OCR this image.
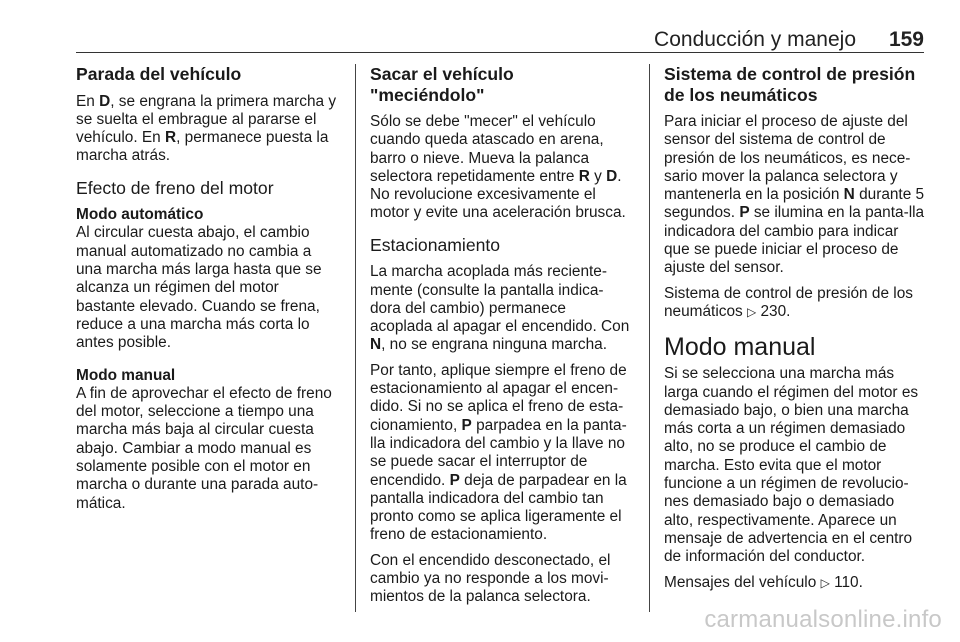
Conducción y manejo 159
Parada del vehículo

En D, se engrana la primera marcha y se suelta el embrague al pararse el vehículo. En R, permanece puesta la marcha atrás.

Efecto de freno del motor
Modo automático

Al circular cuesta abajo, el cambio manual automatizado no cambia a una marcha más larga hasta que se alcanza un régimen del motor bastante elevado. Cuando se frena, reduce a una marcha más corta lo antes posible.

Modo manual

A fin de aprovechar el efecto de freno del motor, seleccione a tiempo una marcha más baja al circular cuesta abajo. Cambiar a modo manual es solamente posible con el motor en marcha o durante una parada auto-mática.

Sacar el vehículo "meciéndolo"

Sólo se debe "mecer" el vehículo cuando queda atascado en arena, barro o nieve. Mueva la palanca selectora repetidamente entre R y D. No revolucione excesivamente el motor y evite una aceleración brusca.

Estacionamiento

La marcha acoplada más reciente-mente (consulte la pantalla indica-dora del cambio) permanece acoplada al apagar el encendido. Con N, no se engrana ninguna marcha.

Por tanto, aplique siempre el freno de estacionamiento al apagar el encen-dido. Si no se aplica el freno de esta-cionamiento, P parpadea en la panta-lla indicadora del cambio y la llave no se puede sacar el interruptor de encendido. P deja de parpadear en la pantalla indicadora del cambio tan pronto como se aplica ligeramente el freno de estacionamiento.

Con el encendido desconectado, el cambio ya no responde a los movi-mientos de la palanca selectora.

Sistema de control de presión de los neumáticos

Para iniciar el proceso de ajuste del sensor del sistema de control de presión de los neumáticos, es nece-sario mover la palanca selectora y mantenerla en la posición N durante 5 segundos. P se ilumina en la panta-lla indicadora del cambio para indicar que se puede iniciar el proceso de ajuste del sensor.

Sistema de control de presión de los neumáticos ▷ 230.

Modo manual

Si se selecciona una marcha más larga cuando el régimen del motor es demasiado bajo, o bien una marcha más corta a un régimen demasiado alto, no se produce el cambio de marcha. Esto evita que el motor funcione a un régimen de revolucio-nes demasiado bajo o demasiado alto, respectivamente. Aparece un mensaje de advertencia en el centro de información del conductor.

Mensajes del vehículo ▷ 110.

carmanualsonline.info
